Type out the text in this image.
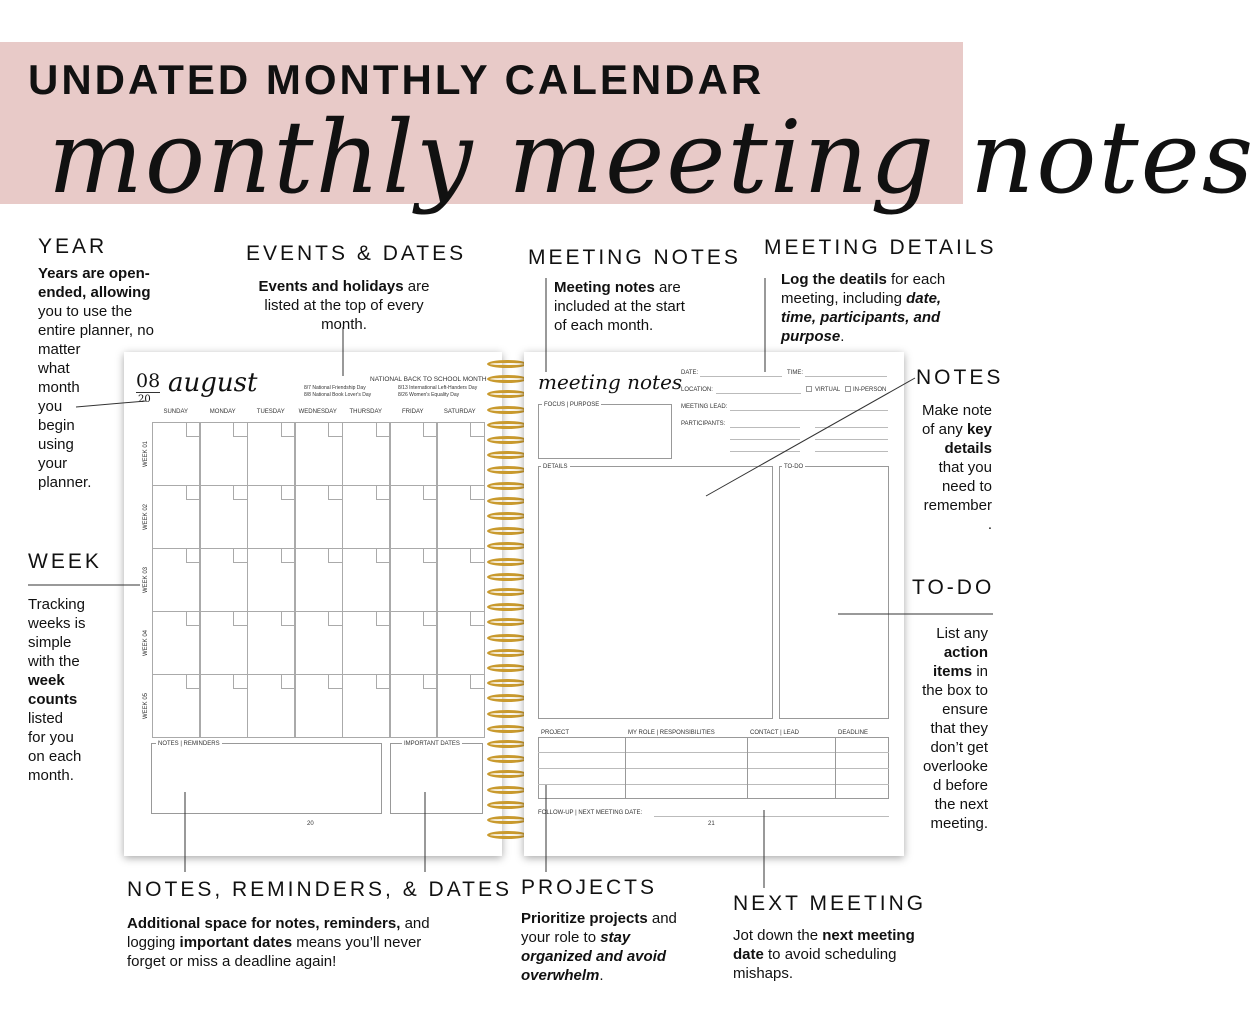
UNDATED MONTHLY CALENDAR
monthly meeting notes
08
20
august	NATIONAL BACK TO SCHOOL MONTH
8/7 National Friendship Day
8/8 National Book Lover's Day
8/13 International Left-Handers Day
8/26 Women's Equality Day
SUNDAY	MONDAY	TUESDAY	WEDNESDAY	THURSDAY	FRIDAY	SATURDAY
WEEK 01
WEEK 02
WEEK 03
WEEK 04
WEEK 05
NOTES | REMINDERS	IMPORTANT DATES
20
meeting notes
DATE:	TIME:
LOCATION:	VIRTUAL IN-PERSON
MEETING LEAD:
PARTICIPANTS:
FOCUS | PURPOSE
DETAILS	TO-DO
PROJECT	MY ROLE | RESPONSIBILITIES	CONTACT | LEAD	DEADLINE
FOLLOW-UP | NEXT MEETING DATE:
21
YEAR
Years are open-
ended, allowing
you to use the
entire planner, no
matter
what
month
you
begin
using
your
planner.
EVENTS & DATES
Events and holidays are
listed at the top of every
month.
MEETING NOTES
Meeting notes are
included at the start
of each month.
MEETING DETAILS
Log the deatils for each
meeting, including date,
time, participants, and
purpose.
NOTES
Make note
of any key
details
that you
need to
remember
.
WEEK
Tracking
weeks is
simple
with the
week
counts
listed
for you
on each
month.
TO-DO
List any
action
items in
the box to
ensure
that they
don’t get
overlooke
d before
the next
meeting.
NOTES, REMINDERS, & DATES
Additional space for notes, reminders, and
logging important dates means you’ll never
forget or miss a deadline again!
PROJECTS
Prioritize projects and
your role to stay
organized and avoid
overwhelm.
NEXT MEETING
Jot down the next meeting
date to avoid scheduling
mishaps.
